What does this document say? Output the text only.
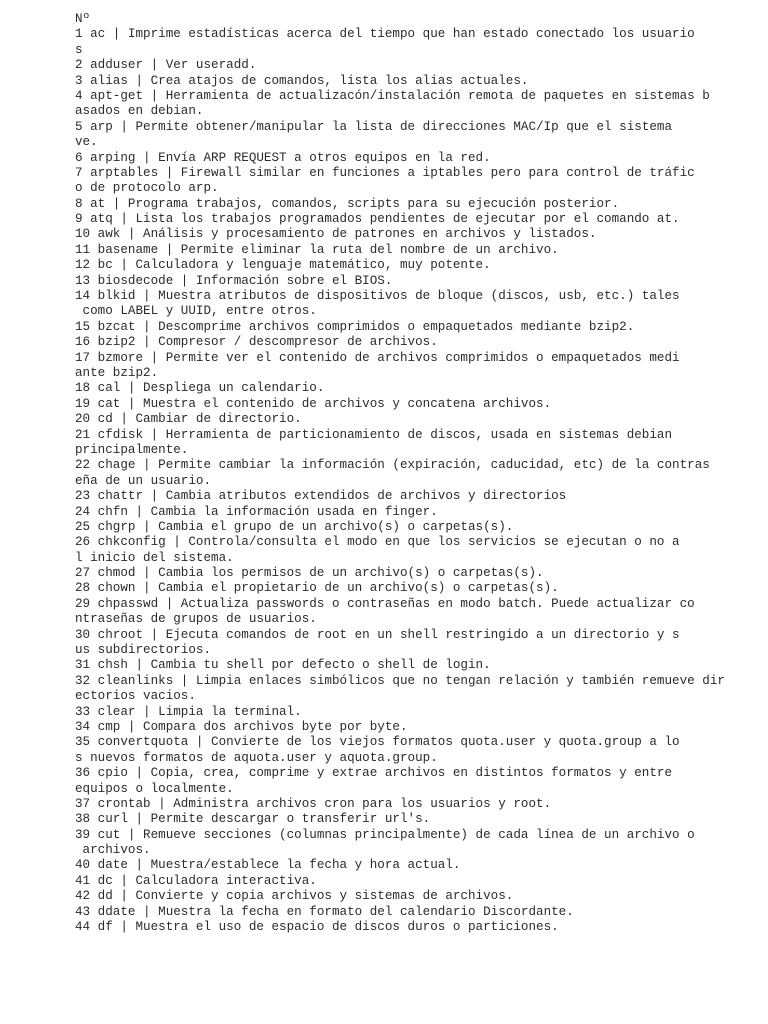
Nº
1 ac | Imprime estadísticas acerca del tiempo que han estado conectado los usuario
s
2 adduser | Ver useradd.
3 alias | Crea atajos de comandos, lista los alias actuales.
4 apt-get | Herramienta de actualizacón/instalación remota de paquetes en sistemas b
asados en debian.
5 arp | Permite obtener/manipular la lista de direcciones MAC/Ip que el sistema
ve.
6 arping | Envía ARP REQUEST a otros equipos en la red.
7 arptables | Firewall similar en funciones a iptables pero para control de tráfic
o de protocolo arp.
8 at | Programa trabajos, comandos, scripts para su ejecución posterior.
9 atq | Lista los trabajos programados pendientes de ejecutar por el comando at.
10 awk | Análisis y procesamiento de patrones en archivos y listados.
11 basename | Permite eliminar la ruta del nombre de un archivo.
12 bc | Calculadora y lenguaje matemático, muy potente.
13 biosdecode | Información sobre el BIOS.
14 blkid | Muestra atributos de dispositivos de bloque (discos, usb, etc.) tales
como LABEL y UUID, entre otros.
15 bzcat | Descomprime archivos comprimidos o empaquetados mediante bzip2.
16 bzip2 | Compresor / descompresor de archivos.
17 bzmore | Permite ver el contenido de archivos comprimidos o empaquetados medi
ante bzip2.
18 cal | Despliega un calendario.
19 cat | Muestra el contenido de archivos y concatena archivos.
20 cd | Cambiar de directorio.
21 cfdisk | Herramienta de particionamiento de discos, usada en sistemas debian
principalmente.
22 chage | Permite cambiar la información (expiración, caducidad, etc) de la contras
eña de un usuario.
23 chattr | Cambia atributos extendidos de archivos y directorios
24 chfn | Cambia la información usada en finger.
25 chgrp | Cambia el grupo de un archivo(s) o carpetas(s).
26 chkconfig | Controla/consulta el modo en que los servicios se ejecutan o no a
l inicio del sistema.
27 chmod | Cambia los permisos de un archivo(s) o carpetas(s).
28 chown | Cambia el propietario de un archivo(s) o carpetas(s).
29 chpasswd | Actualiza passwords o contraseñas en modo batch. Puede actualizar co
ntraseñas de grupos de usuarios.
30 chroot | Ejecuta comandos de root en un shell restringido a un directorio y s
us subdirectorios.
31 chsh | Cambia tu shell por defecto o shell de login.
32 cleanlinks | Limpia enlaces simbólicos que no tengan relación y también remueve dir
ectorios vacios.
33 clear | Limpia la terminal.
34 cmp | Compara dos archivos byte por byte.
35 convertquota | Convierte de los viejos formatos quota.user y quota.group a lo
s nuevos formatos de aquota.user y aquota.group.
36 cpio | Copia, crea, comprime y extrae archivos en distintos formatos y entre
equipos o localmente.
37 crontab | Administra archivos cron para los usuarios y root.
38 curl | Permite descargar o transferir url's.
39 cut | Remueve secciones (columnas principalmente) de cada línea de un archivo o
archivos.
40 date | Muestra/establece la fecha y hora actual.
41 dc | Calculadora interactiva.
42 dd | Convierte y copia archivos y sistemas de archivos.
43 ddate | Muestra la fecha en formato del calendario Discordante.
44 df | Muestra el uso de espacio de discos duros o particiones.
